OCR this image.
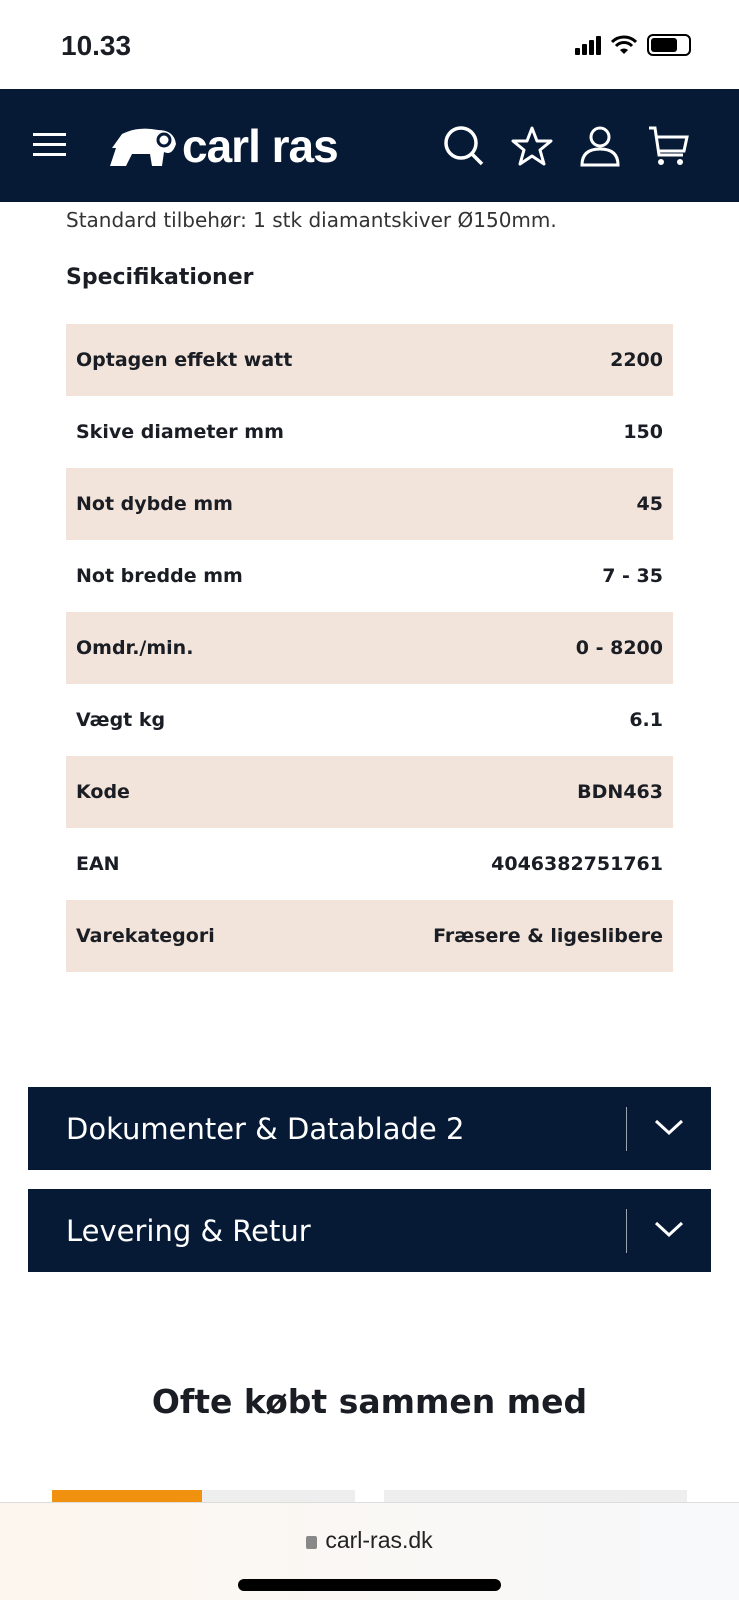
10.33
carl ras
Standard tilbehør: 1 stk diamantskiver Ø150mm.
Specifikationer
Optagen effekt watt	2200
Skive diameter mm	150
Not dybde mm	45
Not bredde mm	7 - 35
Omdr./min.	0 - 8200
Vægt kg	6.1
Kode	BDN463
EAN	4046382751761
Varekategori	Fræsere & ligeslibere
Dokumenter & Datablade 2
Levering & Retur
Ofte købt sammen med
carl-ras.dk
